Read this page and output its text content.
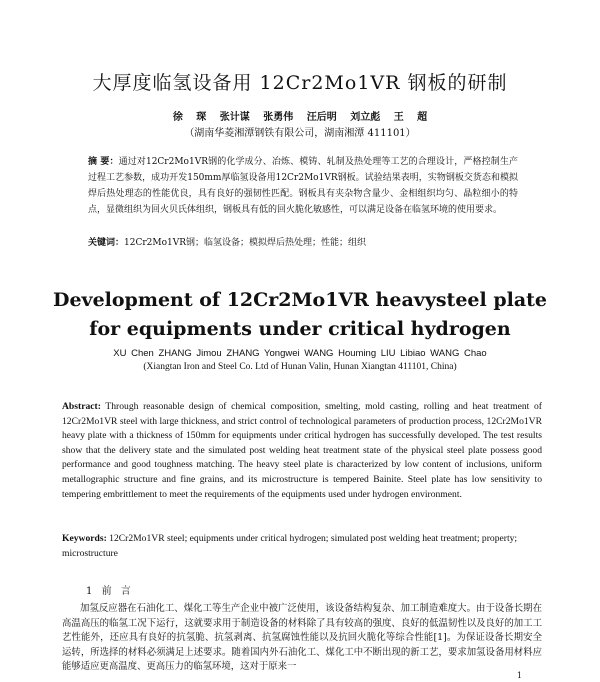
大厚度临氢设备用 12Cr2Mo1VR 钢板的研制
徐 琛 张计谋 张勇伟 汪后明 刘立彪 王 超
（湖南华菱湘潭钢铁有限公司，湖南湘潭 411101）
摘 要：通过对12Cr2Mo1VR钢的化学成分、冶炼、模铸、轧制及热处理等工艺的合理设计，严格控制生产过程工艺参数，成功开发150mm厚临氢设备用12Cr2Mo1VR钢板。试验结果表明，实物钢板交货态和模拟焊后热处理态的性能优良，具有良好的强韧性匹配。钢板具有夹杂物含量少、金相组织均匀、晶粒细小的特点，显微组织为回火贝氏体组织，钢板具有低的回火脆化敏感性，可以满足设备在临氢环境的使用要求。
关键词：12Cr2Mo1VR钢；临氢设备；模拟焊后热处理；性能；组织
Development of 12Cr2Mo1VR heavysteel plate
for equipments under critical hydrogen
XU Chen ZHANG Jimou ZHANG Yongwei WANG Houming LIU Libiao WANG Chao
(Xiangtan Iron and Steel Co. Ltd of Hunan Valin, Hunan Xiangtan 411101, China)
Abstract: Through reasonable design of chemical composition, smelting, mold casting, rolling and heat treatment of 12Cr2Mo1VR steel with large thickness, and strict control of technological parameters of production process, 12Cr2Mo1VR heavy plate with a thickness of 150mm for equipments under critical hydrogen has successfully developed. The test results show that the delivery state and the simulated post welding heat treatment state of the physical steel plate possess good performance and good toughness matching. The heavy steel plate is characterized by low content of inclusions, uniform metallographic structure and fine grains, and its microstructure is tempered Bainite. Steel plate has low sensitivity to tempering embrittlement to meet the requirements of the equipments used under hydrogen environment.
Keywords: 12Cr2Mo1VR steel; equipments under critical hydrogen; simulated post welding heat treatment; property; microstructure
1 前 言
加氢反应器在石油化工、煤化工等生产企业中被广泛使用，该设备结构复杂、加工制造难度大。由于设备长期在高温高压的临氢工况下运行，这就要求用于制造设备的材料除了具有较高的强度、良好的低温韧性以及良好的加工工艺性能外，还应具有良好的抗氢脆、抗氢剥离、抗氢腐蚀性能以及抗回火脆化等综合性能[1]。为保证设备长期安全运转，所选择的材料必须满足上述要求。随着国内外石油化工、煤化工中不断出现的新工艺，要求加氢设备用材料应能够适应更高温度、更高压力的临氢环境，这对于原来一
1
